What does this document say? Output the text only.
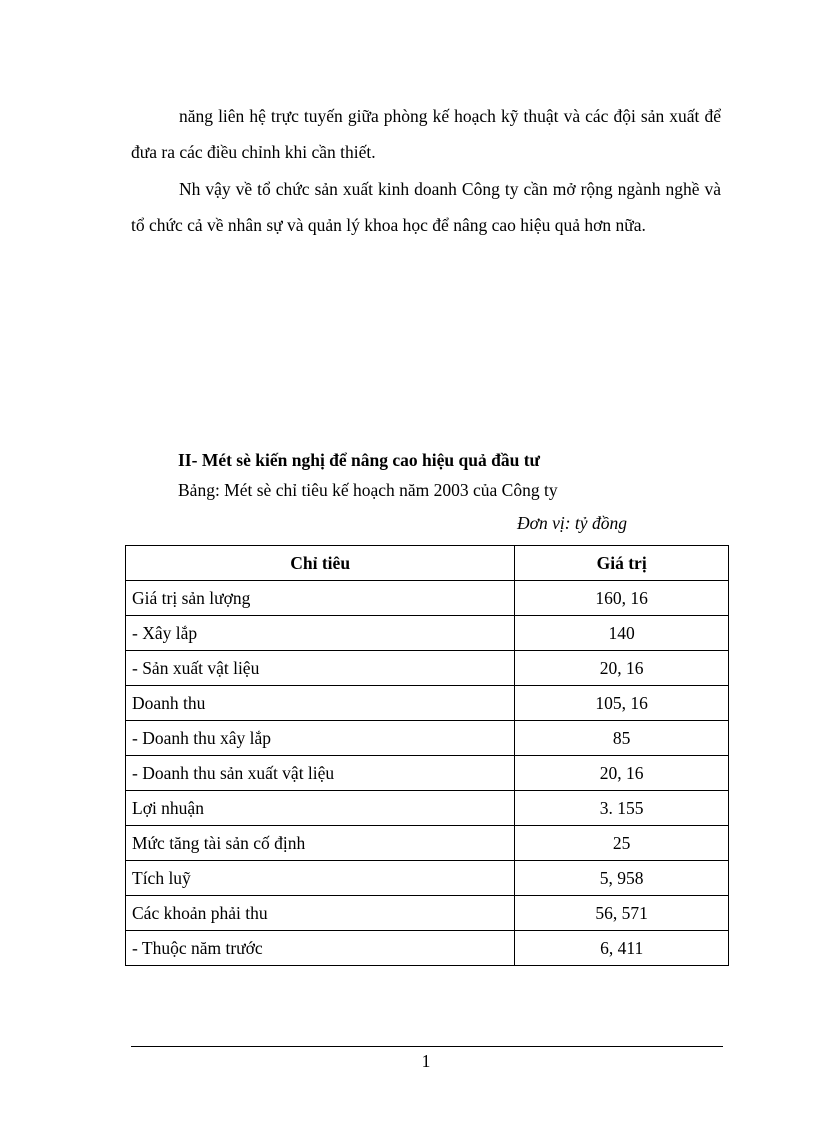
năng liên hệ trực tuyến giữa phòng kế hoạch kỹ thuật và các đội sản xuất để đưa ra các điều chỉnh khi cần thiết.

Nh vậy về tổ chức sản xuất kinh doanh Công ty cần mở rộng ngành nghề và tổ chức cả về nhân sự và quản lý khoa học để nâng cao hiệu quả hơn nữa.

II- Mét sè kiến nghị để nâng cao hiệu quả đầu tư

Bảng: Mét sè chỉ tiêu kế hoạch năm 2003 của Công ty

Đơn vị: tỷ đồng

Chỉ tiêu	Giá trị
Giá trị sản lượng	160, 16
- Xây lắp	140
- Sản xuất vật liệu	20, 16
Doanh thu	105, 16
- Doanh thu xây lắp	85
- Doanh thu sản xuất vật liệu	20, 16
Lợi nhuận	3. 155
Mức tăng tài sản cố định	25
Tích luỹ	5, 958
Các khoản phải thu	56, 571
- Thuộc năm trước	6, 411

1
